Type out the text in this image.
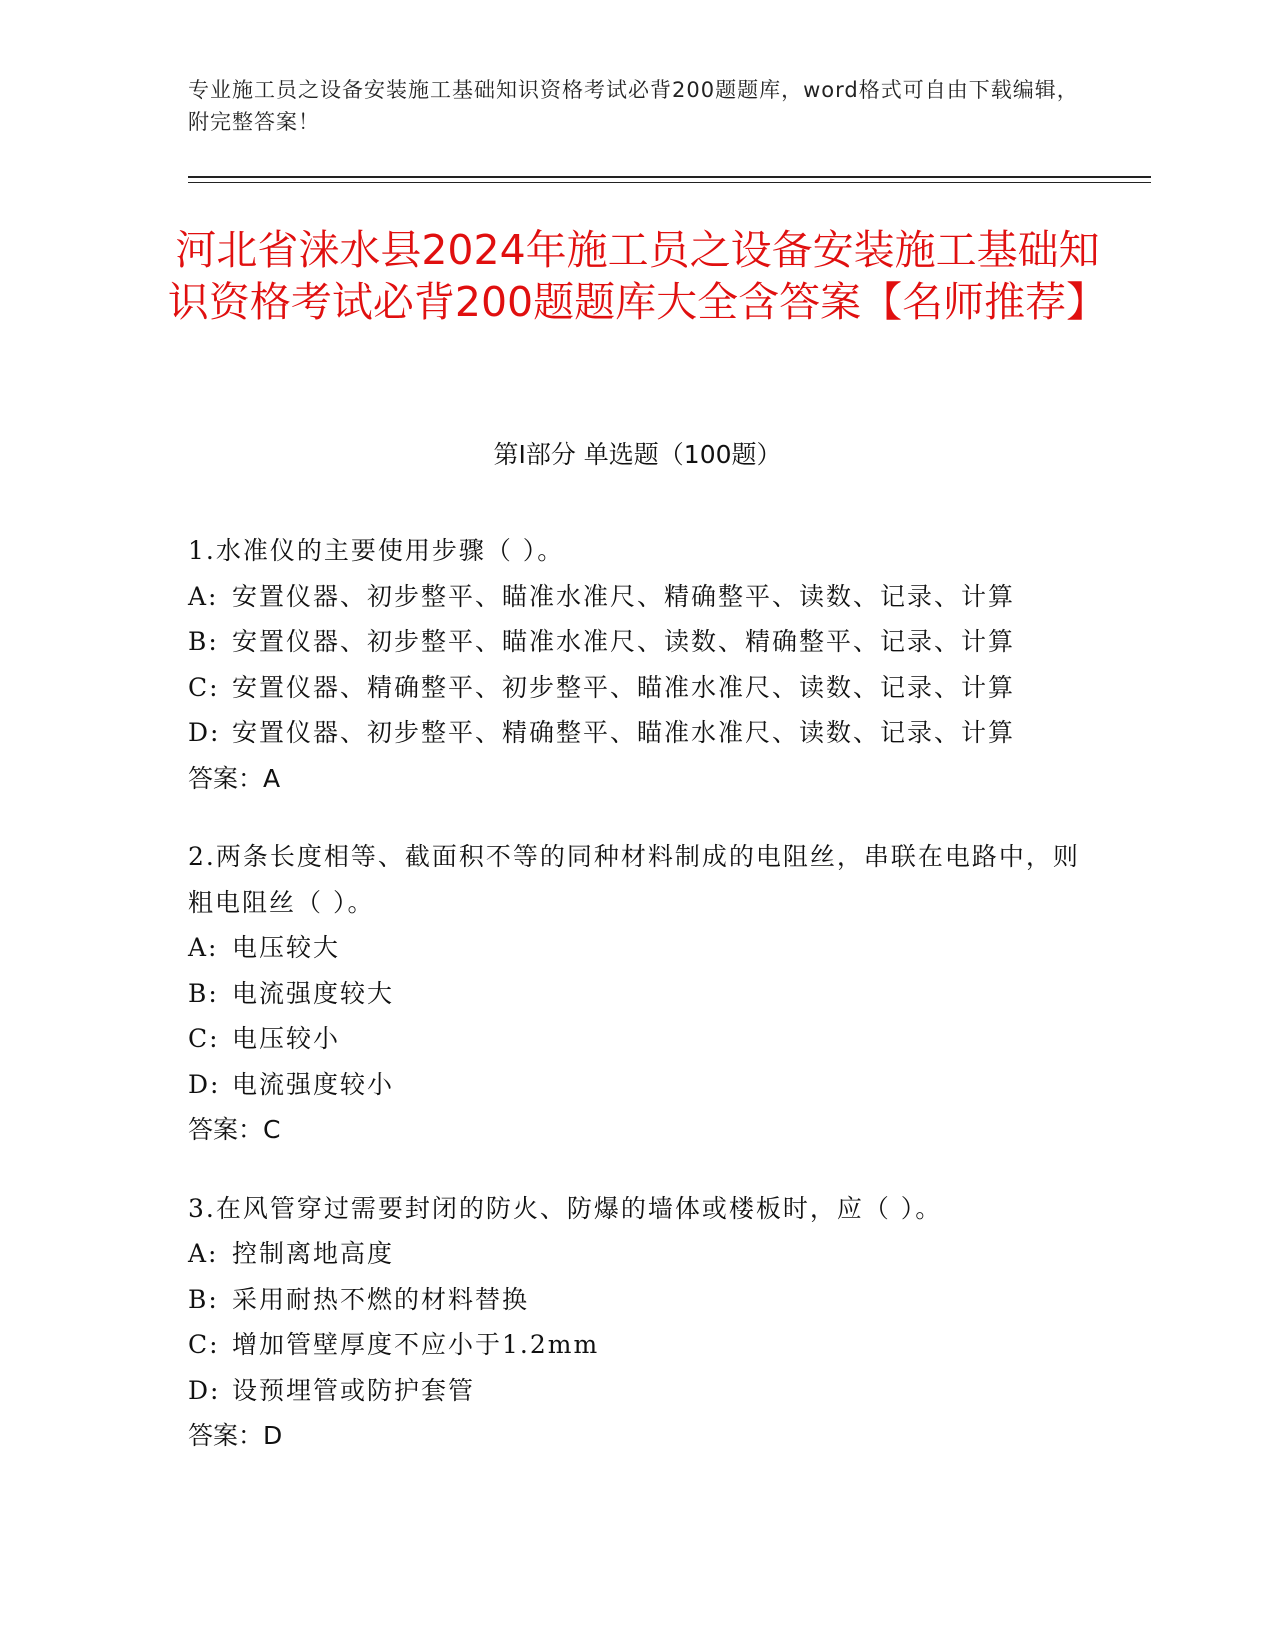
专业施工员之设备安装施工基础知识资格考试必背200题题库，word格式可自由下载编辑，附完整答案！
河北省涞水县2024年施工员之设备安装施工基础知识资格考试必背200题题库大全含答案【名师推荐】
第Ⅰ部分 单选题（100题）

1.水准仪的主要使用步骤（ ）。

A: 安置仪器、初步整平、瞄准水准尺、精确整平、读数、记录、计算

B: 安置仪器、初步整平、瞄准水准尺、读数、精确整平、记录、计算

C: 安置仪器、精确整平、初步整平、瞄准水准尺、读数、记录、计算

D: 安置仪器、初步整平、精确整平、瞄准水准尺、读数、记录、计算

答案：A

2.两条长度相等、截面积不等的同种材料制成的电阻丝，串联在电路中，则粗电阻丝（ ）。

A: 电压较大

B: 电流强度较大

C: 电压较小

D: 电流强度较小

答案：C

3.在风管穿过需要封闭的防火、防爆的墙体或楼板时，应（ ）。

A: 控制离地高度

B: 采用耐热不燃的材料替换

C: 增加管壁厚度不应小于1.2mm

D: 设预埋管或防护套管

答案：D
